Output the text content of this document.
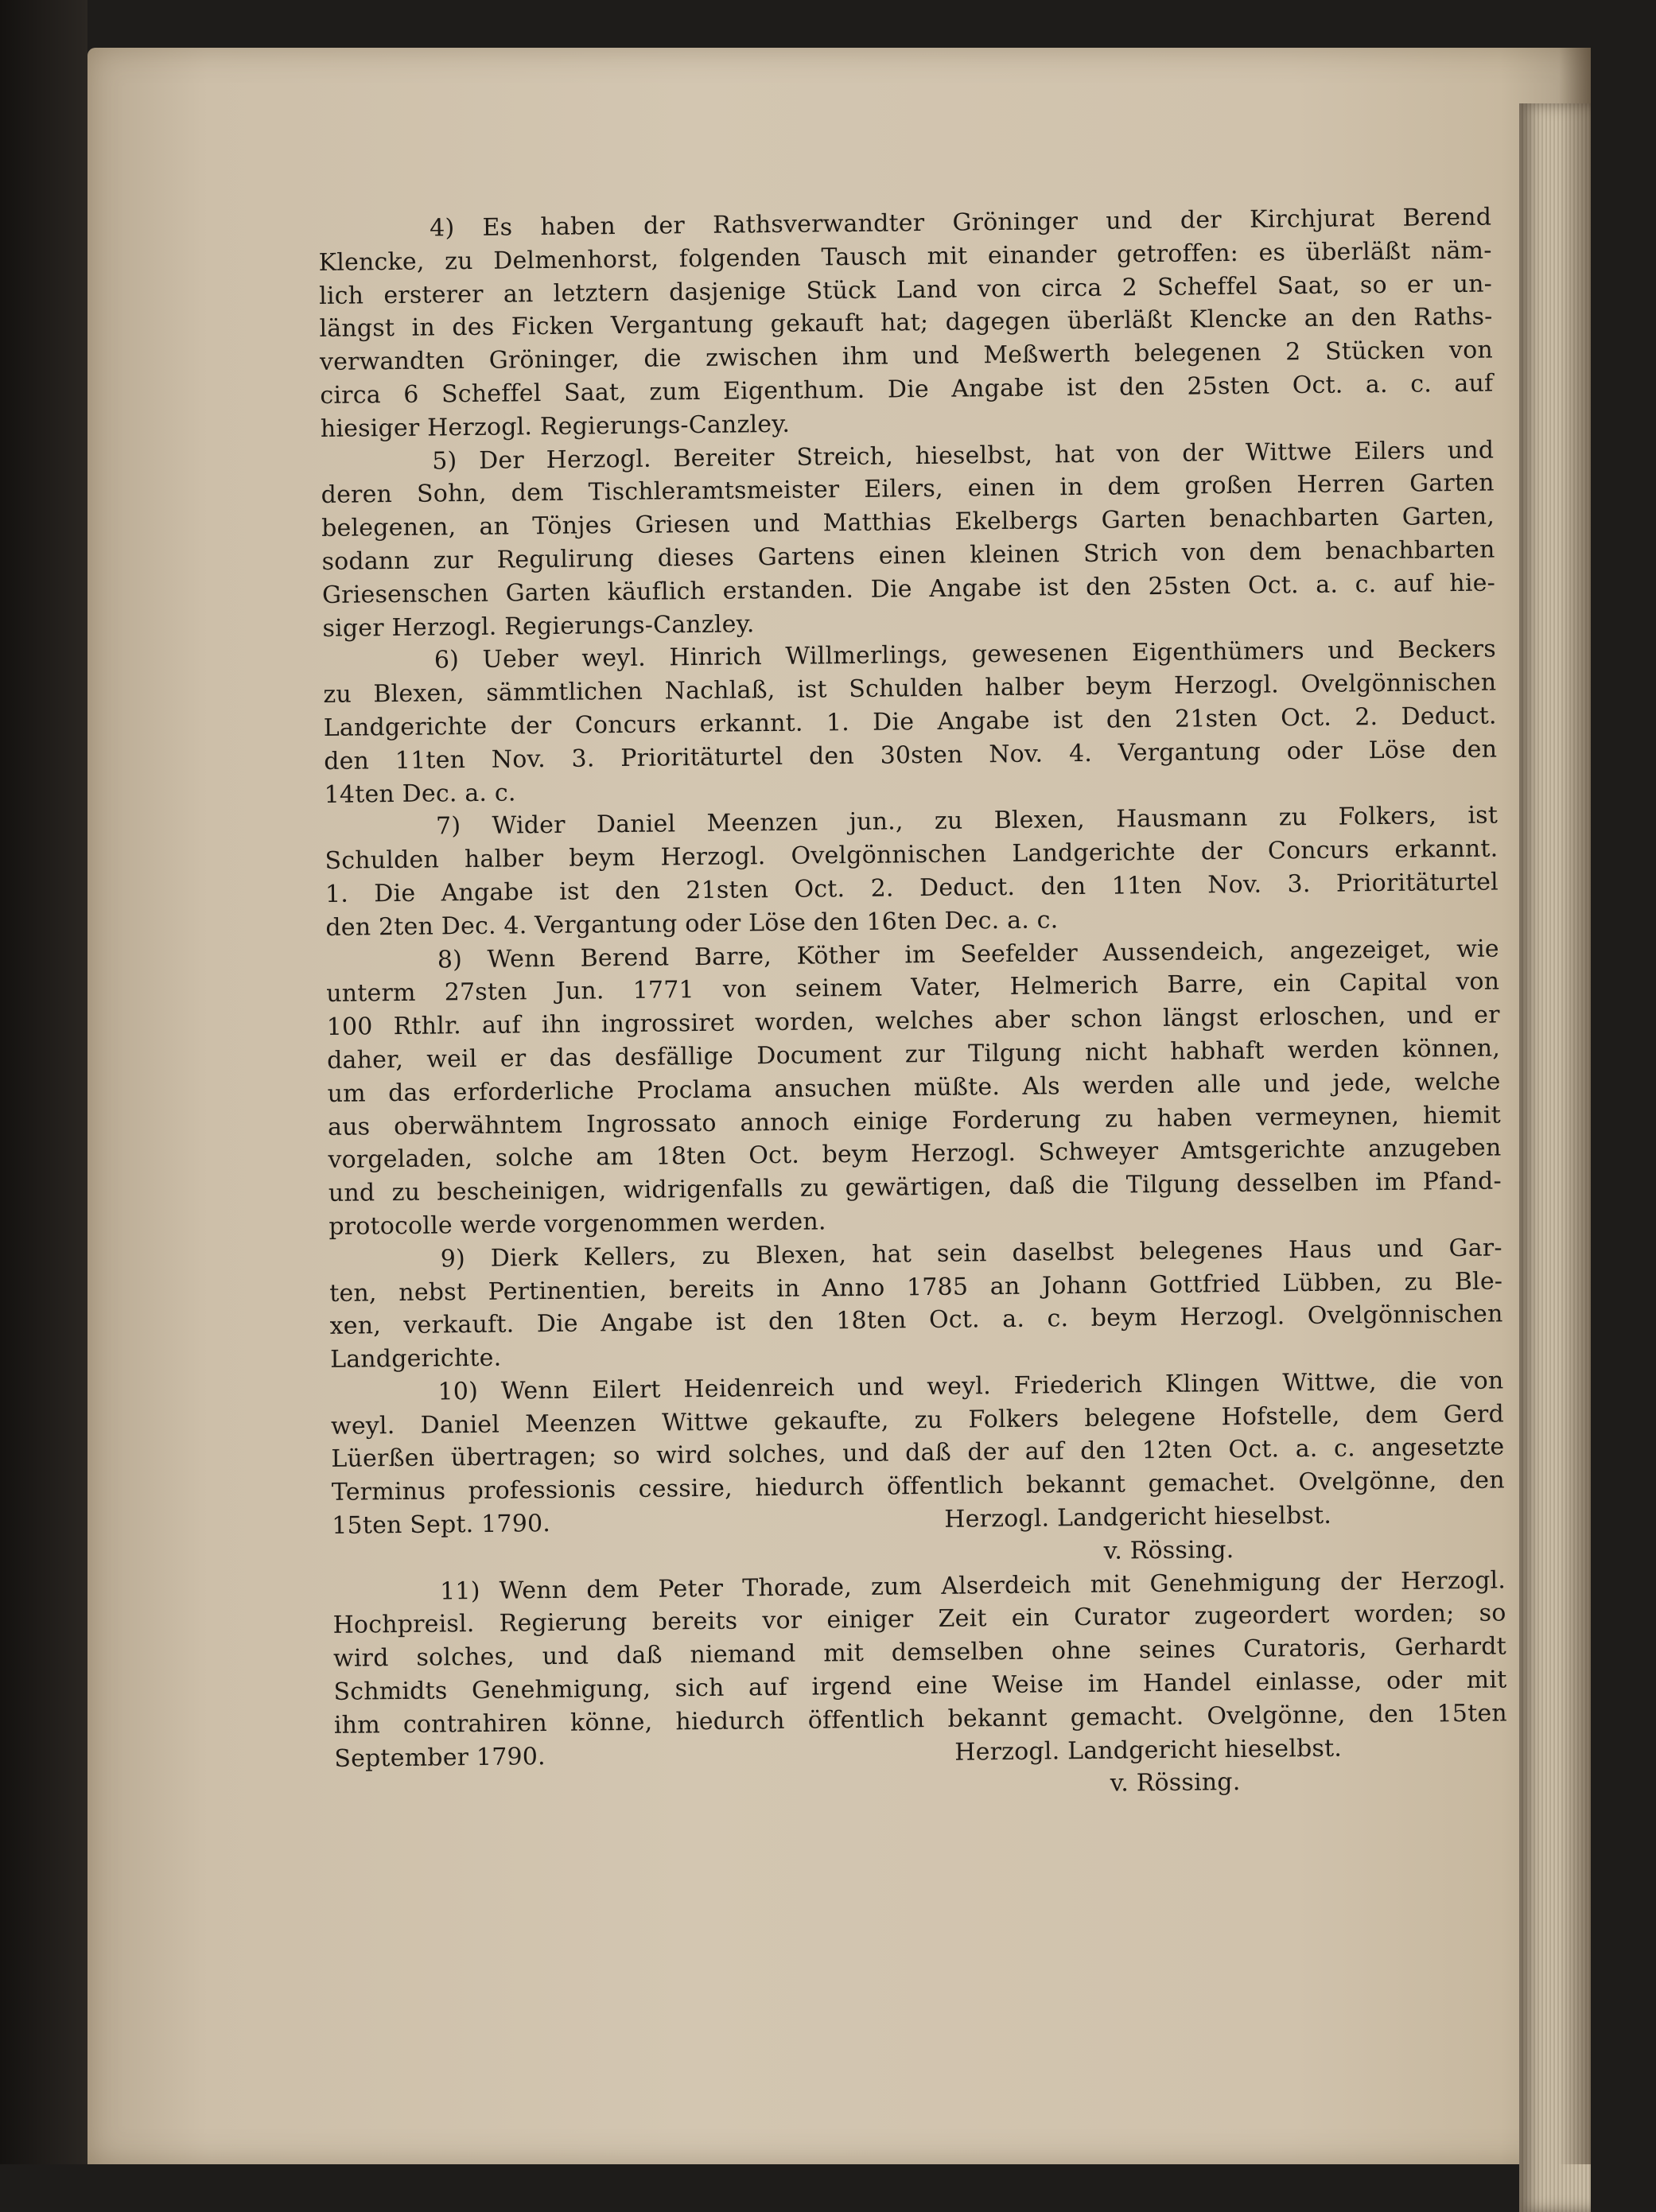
4) Es haben der Rathsverwandter Gröninger und der Kirchjurat Berend
Klencke, zu Delmenhorst, folgenden Tausch mit einander getroffen: es überläßt näm-
lich ersterer an letztern dasjenige Stück Land von circa 2 Scheffel Saat, so er un-
längst in des Ficken Vergantung gekauft hat; dagegen überläßt Klencke an den Raths-
verwandten Gröninger, die zwischen ihm und Meßwerth belegenen 2 Stücken von
circa 6 Scheffel Saat, zum Eigenthum. Die Angabe ist den 25sten Oct. a. c. auf
hiesiger Herzogl. Regierungs-Canzley.
5) Der Herzogl. Bereiter Streich, hieselbst, hat von der Wittwe Eilers und
deren Sohn, dem Tischleramtsmeister Eilers, einen in dem großen Herren Garten
belegenen, an Tönjes Griesen und Matthias Ekelbergs Garten benachbarten Garten,
sodann zur Regulirung dieses Gartens einen kleinen Strich von dem benachbarten
Griesenschen Garten käuflich erstanden. Die Angabe ist den 25sten Oct. a. c. auf hie-
siger Herzogl. Regierungs-Canzley.
6) Ueber weyl. Hinrich Willmerlings, gewesenen Eigenthümers und Beckers
zu Blexen, sämmtlichen Nachlaß, ist Schulden halber beym Herzogl. Ovelgönnischen
Landgerichte der Concurs erkannt. 1. Die Angabe ist den 21sten Oct. 2. Deduct.
den 11ten Nov. 3. Prioritäturtel den 30sten Nov. 4. Vergantung oder Löse den
14ten Dec. a. c.
7) Wider Daniel Meenzen jun., zu Blexen, Hausmann zu Folkers, ist
Schulden halber beym Herzogl. Ovelgönnischen Landgerichte der Concurs erkannt.
1. Die Angabe ist den 21sten Oct. 2. Deduct. den 11ten Nov. 3. Prioritäturtel
den 2ten Dec. 4. Vergantung oder Löse den 16ten Dec. a. c.
8) Wenn Berend Barre, Köther im Seefelder Aussendeich, angezeiget, wie
unterm 27sten Jun. 1771 von seinem Vater, Helmerich Barre, ein Capital von
100 Rthlr. auf ihn ingrossiret worden, welches aber schon längst erloschen, und er
daher, weil er das desfällige Document zur Tilgung nicht habhaft werden können,
um das erforderliche Proclama ansuchen müßte. Als werden alle und jede, welche
aus oberwähntem Ingrossato annoch einige Forderung zu haben vermeynen, hiemit
vorgeladen, solche am 18ten Oct. beym Herzogl. Schweyer Amtsgerichte anzugeben
und zu bescheinigen, widrigenfalls zu gewärtigen, daß die Tilgung desselben im Pfand-
protocolle werde vorgenommen werden.
9) Dierk Kellers, zu Blexen, hat sein daselbst belegenes Haus und Gar-
ten, nebst Pertinentien, bereits in Anno 1785 an Johann Gottfried Lübben, zu Ble-
xen, verkauft. Die Angabe ist den 18ten Oct. a. c. beym Herzogl. Ovelgönnischen
Landgerichte.
10) Wenn Eilert Heidenreich und weyl. Friederich Klingen Wittwe, die von
weyl. Daniel Meenzen Wittwe gekaufte, zu Folkers belegene Hofstelle, dem Gerd
Lüerßen übertragen; so wird solches, und daß der auf den 12ten Oct. a. c. angesetzte
Terminus professionis cessire, hiedurch öffentlich bekannt gemachet. Ovelgönne, den
15ten Sept. 1790.	Herzogl. Landgericht hieselbst.
v. Rössing.
11) Wenn dem Peter Thorade, zum Alserdeich mit Genehmigung der Herzogl.
Hochpreisl. Regierung bereits vor einiger Zeit ein Curator zugeordert worden; so
wird solches, und daß niemand mit demselben ohne seines Curatoris, Gerhardt
Schmidts Genehmigung, sich auf irgend eine Weise im Handel einlasse, oder mit
ihm contrahiren könne, hiedurch öffentlich bekannt gemacht. Ovelgönne, den 15ten
September 1790.	Herzogl. Landgericht hieselbst.
v. Rössing.
